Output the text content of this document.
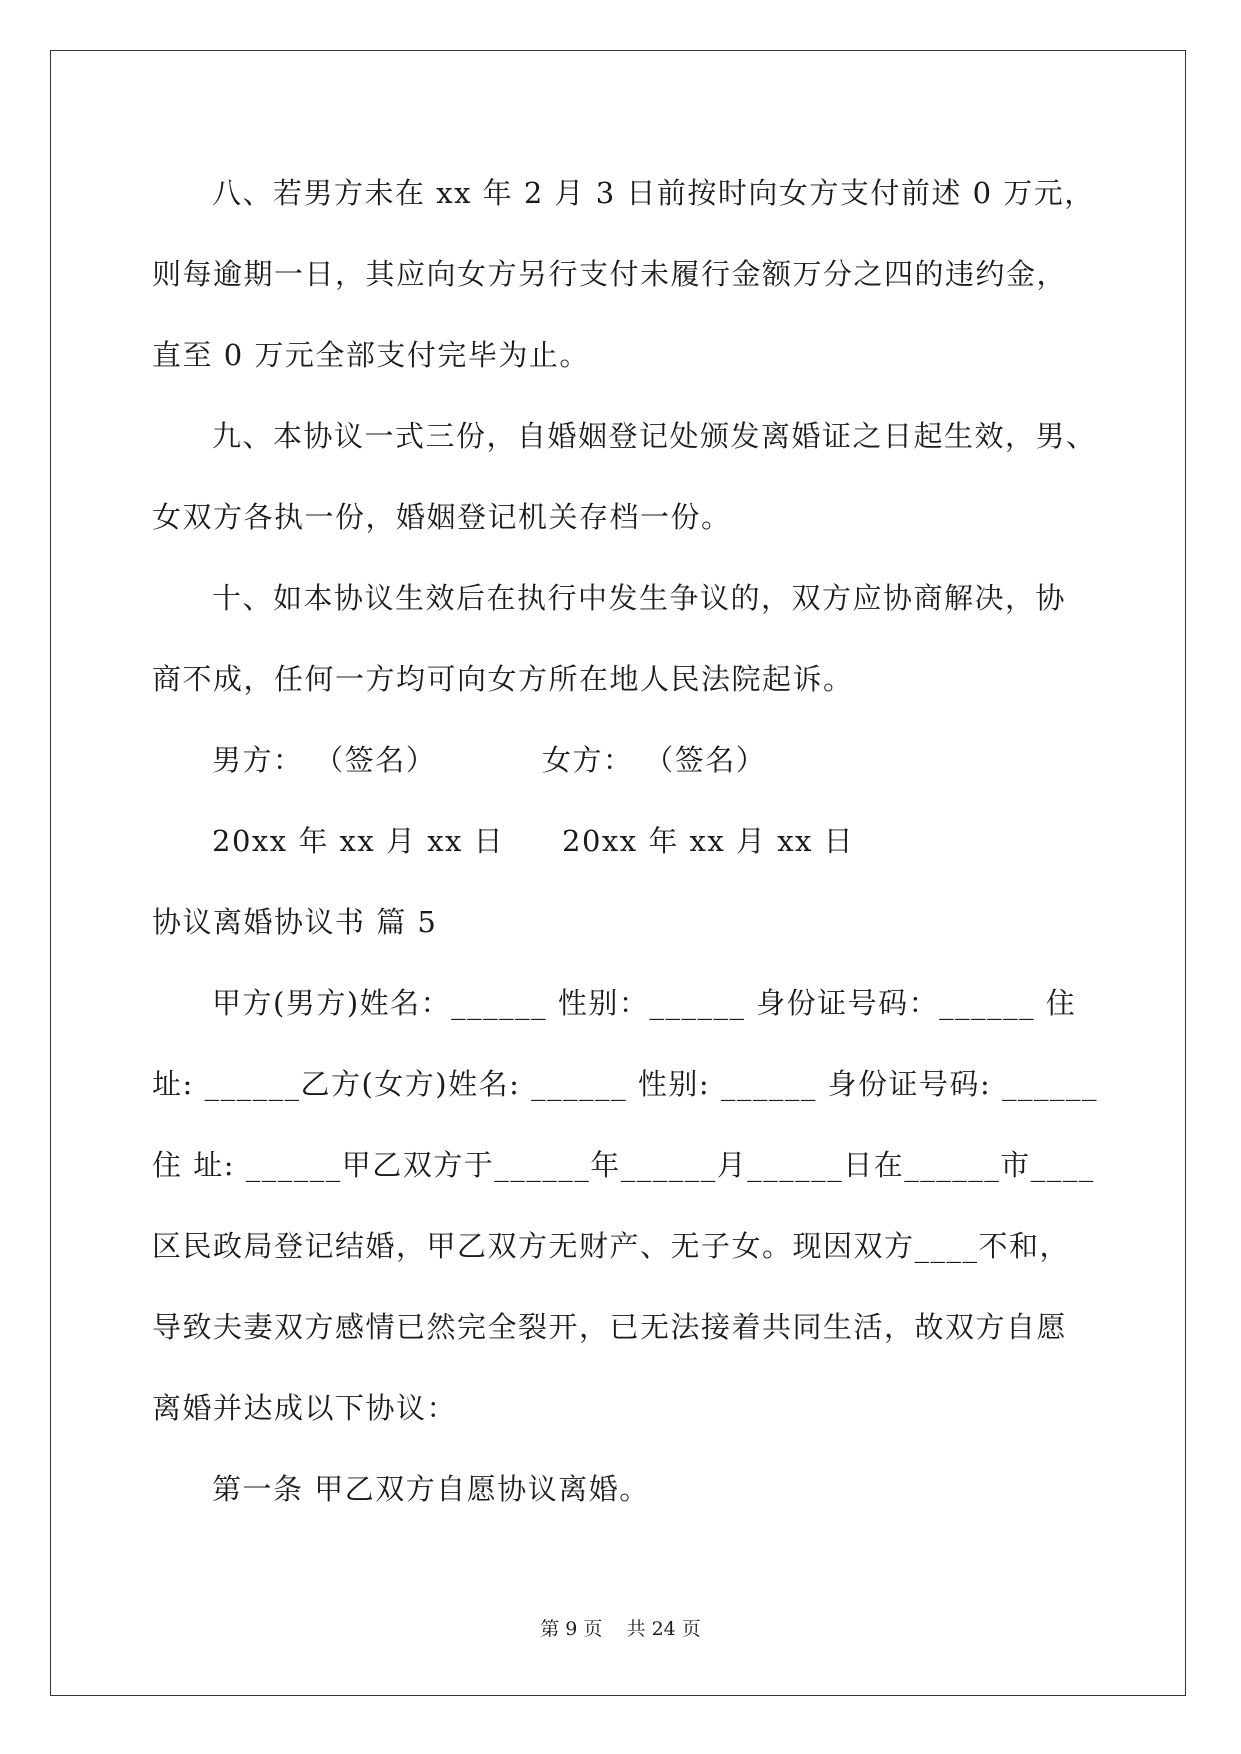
八、若男方未在 xx 年 2 月 3 日前按时向女方支付前述 0 万元，
则每逾期一日，其应向女方另行支付未履行金额万分之四的违约金，
直至 0 万元全部支付完毕为止。
九、本协议一式三份，自婚姻登记处颁发离婚证之日起生效，男、
女双方各执一份，婚姻登记机关存档一份。
十、如本协议生效后在执行中发生争议的，双方应协商解决，协
商不成，任何一方均可向女方所在地人民法院起诉。
男方： （签名）	女方： （签名）
20xx 年 xx 月 xx 日 20xx 年 xx 月 xx 日
协议离婚协议书 篇 5
甲方(男方)姓名：______ 性别：______ 身份证号码：______ 住
址: ______乙方(女方)姓名: ______ 性别: ______ 身份证号码: ______
住 址: ______甲乙双方于______年______月______日在______市____
区民政局登记结婚，甲乙双方无财产、无子女。现因双方____不和，
导致夫妻双方感情已然完全裂开，已无法接着共同生活，故双方自愿
离婚并达成以下协议：
第一条 甲乙双方自愿协议离婚。
第 9 页    共 24 页
